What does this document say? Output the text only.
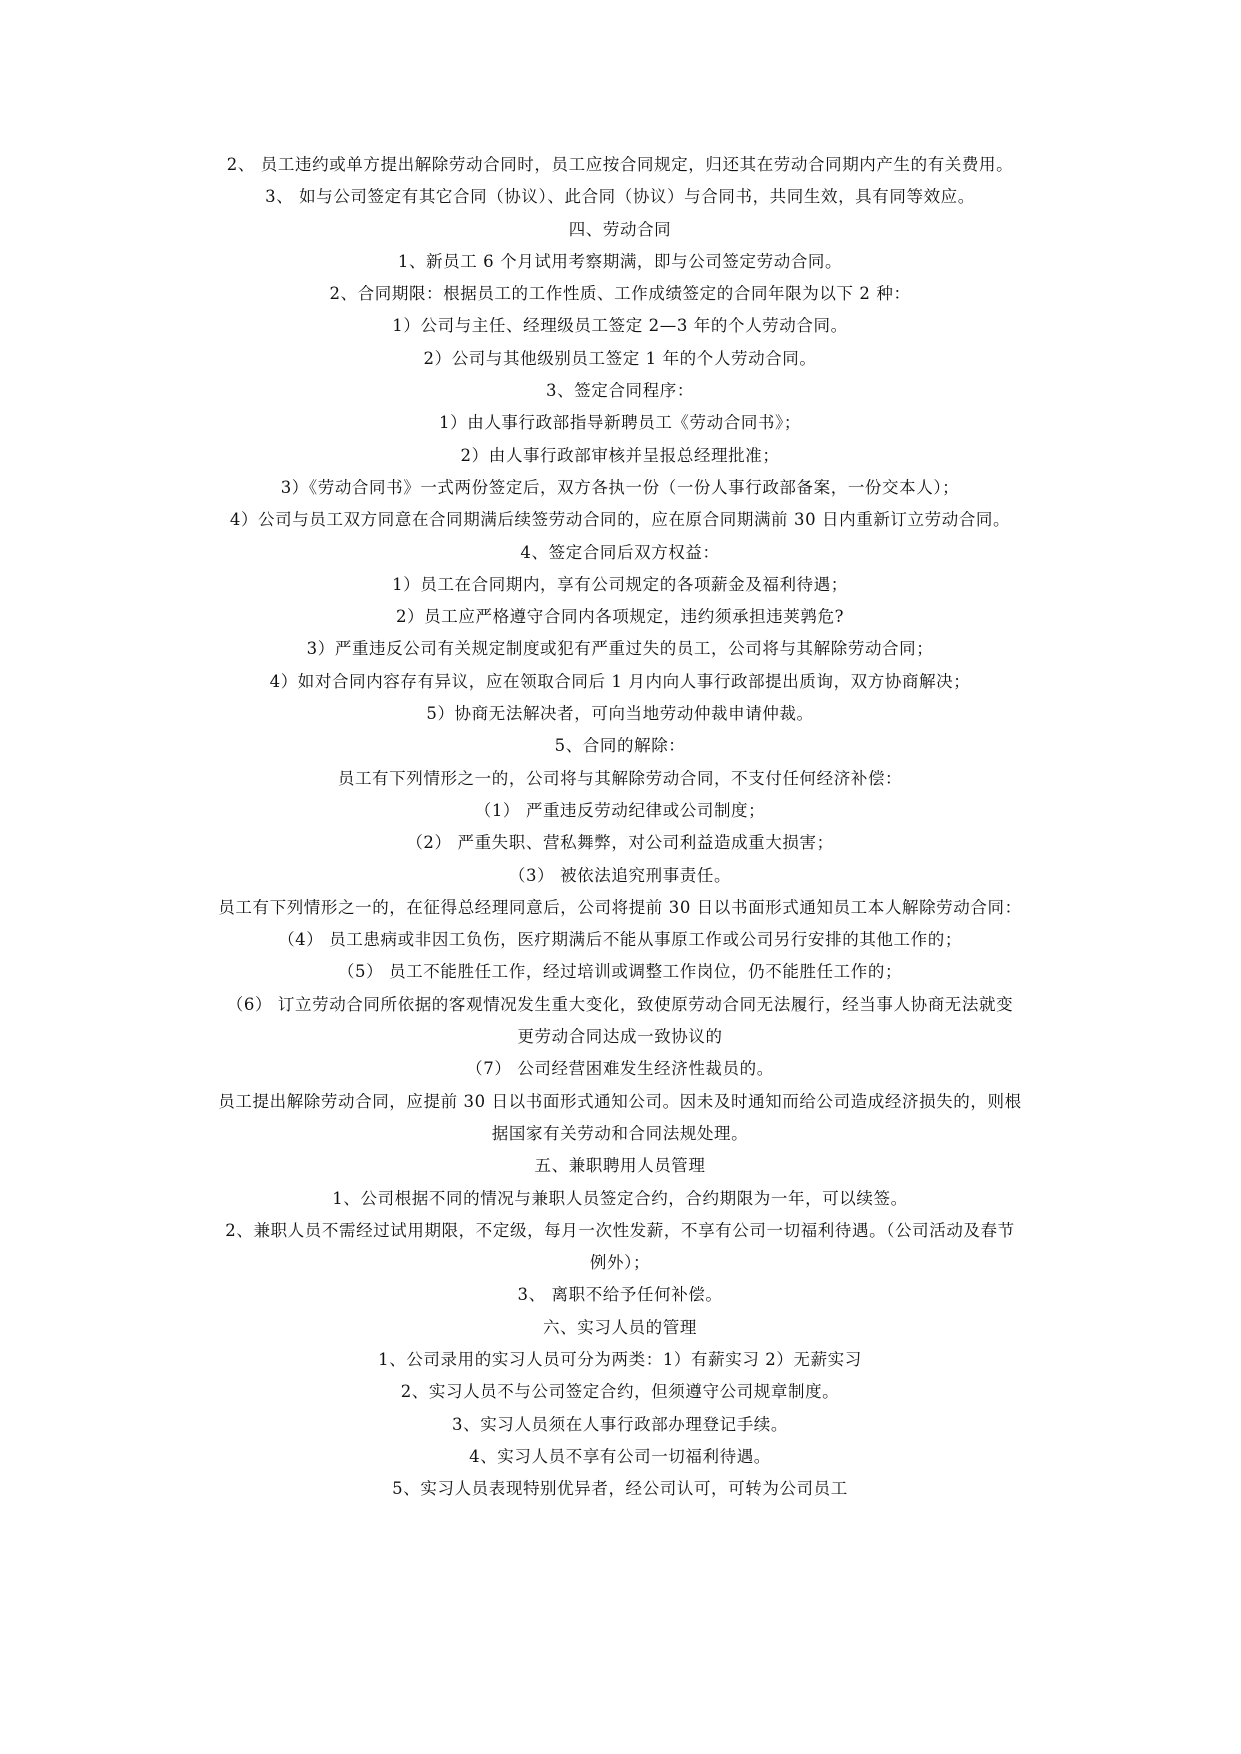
2、 员工违约或单方提出解除劳动合同时，员工应按合同规定，归还其在劳动合同期内产生的有关费用。
3、 如与公司签定有其它合同（协议）、此合同（协议）与合同书，共同生效，具有同等效应。
四、劳动合同
1、新员工 6 个月试用考察期满，即与公司签定劳动合同。
2、合同期限：根据员工的工作性质、工作成绩签定的合同年限为以下 2 种：
1）公司与主任、经理级员工签定 2—3 年的个人劳动合同。
2）公司与其他级别员工签定 1 年的个人劳动合同。
3、签定合同程序：
1）由人事行政部指导新聘员工《劳动合同书》；
2）由人事行政部审核并呈报总经理批准；
3）《劳动合同书》一式两份签定后，双方各执一份（一份人事行政部备案，一份交本人）；
4）公司与员工双方同意在合同期满后续签劳动合同的，应在原合同期满前 30 日内重新订立劳动合同。
4、签定合同后双方权益：
1）员工在合同期内，享有公司规定的各项薪金及福利待遇；
2）员工应严格遵守合同内各项规定，违约须承担违荚鹑危?
3）严重违反公司有关规定制度或犯有严重过失的员工，公司将与其解除劳动合同；
4）如对合同内容存有异议，应在领取合同后 1 月内向人事行政部提出质询，双方协商解决；
5）协商无法解决者，可向当地劳动仲裁申请仲裁。
5、合同的解除：
员工有下列情形之一的，公司将与其解除劳动合同，不支付任何经济补偿：
（1） 严重违反劳动纪律或公司制度；
（2） 严重失职、营私舞弊，对公司利益造成重大损害；
（3） 被依法追究刑事责任。
员工有下列情形之一的，在征得总经理同意后，公司将提前 30 日以书面形式通知员工本人解除劳动合同：
（4） 员工患病或非因工负伤，医疗期满后不能从事原工作或公司另行安排的其他工作的；
（5） 员工不能胜任工作，经过培训或调整工作岗位，仍不能胜任工作的；
（6） 订立劳动合同所依据的客观情况发生重大变化，致使原劳动合同无法履行，经当事人协商无法就变
更劳动合同达成一致协议的
（7） 公司经营困难发生经济性裁员的。
员工提出解除劳动合同，应提前 30 日以书面形式通知公司。因未及时通知而给公司造成经济损失的，则根
据国家有关劳动和合同法规处理。
五、兼职聘用人员管理
1、公司根据不同的情况与兼职人员签定合约，合约期限为一年，可以续签。
2、兼职人员不需经过试用期限，不定级，每月一次性发薪，不享有公司一切福利待遇。（公司活动及春节
例外）；
3、 离职不给予任何补偿。
六、实习人员的管理
1、公司录用的实习人员可分为两类：1）有薪实习 2）无薪实习
2、实习人员不与公司签定合约，但须遵守公司规章制度。
3、实习人员须在人事行政部办理登记手续。
4、实习人员不享有公司一切福利待遇。
5、实习人员表现特别优异者，经公司认可，可转为公司员工
